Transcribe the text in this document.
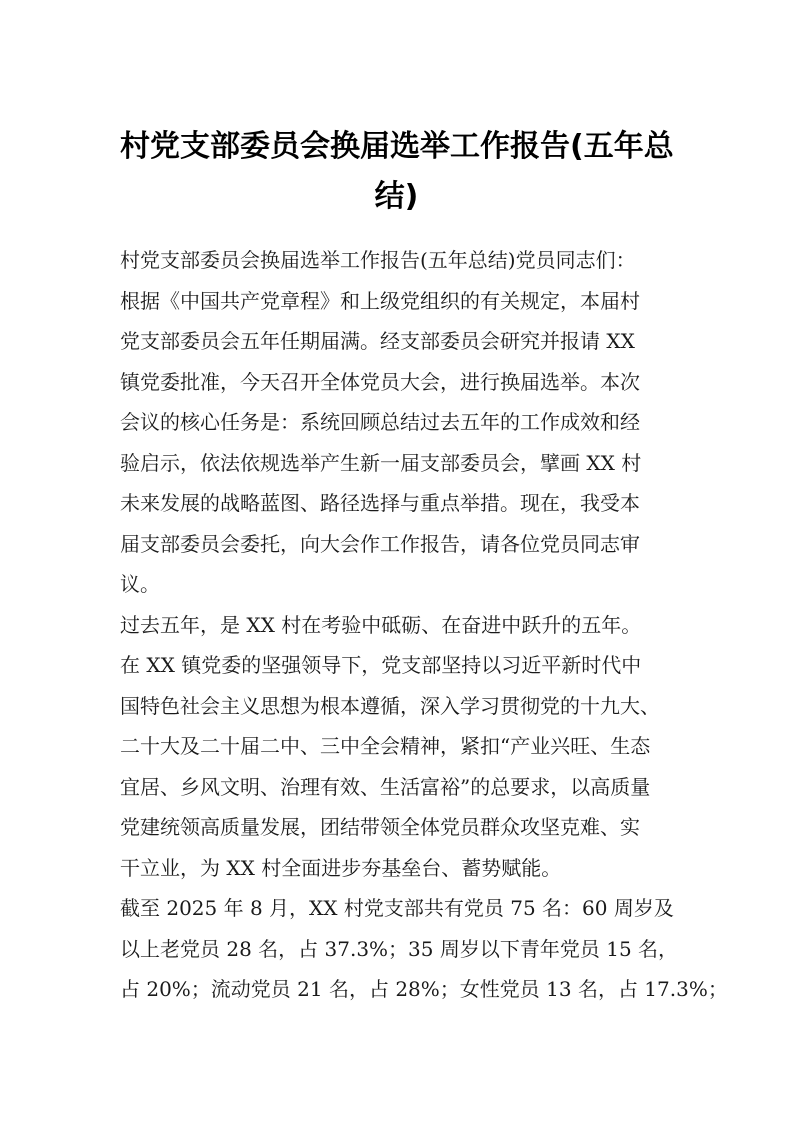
村党支部委员会换届选举工作报告(五年总
结)
村党支部委员会换届选举工作报告(五年总结)党员同志们：
根据《中国共产党章程》和上级党组织的有关规定，本届村
党支部委员会五年任期届满。经支部委员会研究并报请 XX
镇党委批准，今天召开全体党员大会，进行换届选举。本次
会议的核心任务是：系统回顾总结过去五年的工作成效和经
验启示，依法依规选举产生新一届支部委员会，擘画 XX 村
未来发展的战略蓝图、路径选择与重点举措。现在，我受本
届支部委员会委托，向大会作工作报告，请各位党员同志审
议。
过去五年，是 XX 村在考验中砥砺、在奋进中跃升的五年。
在 XX 镇党委的坚强领导下，党支部坚持以习近平新时代中
国特色社会主义思想为根本遵循，深入学习贯彻党的十九大、
二十大及二十届二中、三中全会精神，紧扣“产业兴旺、生态
宜居、乡风文明、治理有效、生活富裕”的总要求，以高质量
党建统领高质量发展，团结带领全体党员群众攻坚克难、实
干立业，为 XX 村全面进步夯基垒台、蓄势赋能。
截至 2025 年 8 月，XX 村党支部共有党员 75 名：60 周岁及
以上老党员 28 名，占 37.3%；35 周岁以下青年党员 15 名，
占 20%；流动党员 21 名，占 28%；女性党员 13 名，占 17.3%；
